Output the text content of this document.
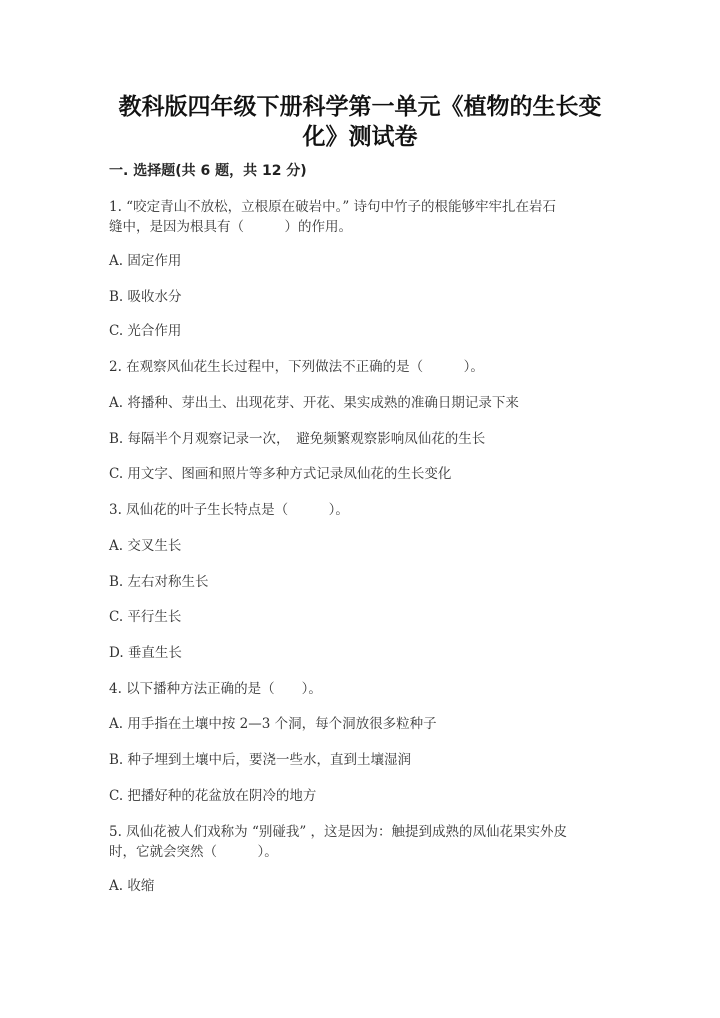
教科版四年级下册科学第一单元《植物的生长变
化》测试卷
一. 选择题(共 6 题，共 12 分)
1. “咬定青山不放松，立根原在破岩中。” 诗句中竹子的根能够牢牢扎在岩石
缝中，是因为根具有（　　　）的作用。
A. 固定作用
B. 吸收水分
C. 光合作用
2. 在观察风仙花生长过程中，下列做法不正确的是（　　　）。
A. 将播种、芽出土、出现花芽、开花、果实成熟的准确日期记录下来
B. 每隔半个月观察记录一次，　避免频繁观察影响凤仙花的生长
C. 用文字、图画和照片等多种方式记录凤仙花的生长变化
3. 凤仙花的叶子生长特点是（　　　）。
A. 交叉生长
B. 左右对称生长
C. 平行生长
D. 垂直生长
4. 以下播种方法正确的是（　　）。
A. 用手指在土壤中按 2—3 个洞，每个洞放很多粒种子
B. 种子埋到土壤中后，要浇一些水，直到土壤湿润
C. 把播好种的花盆放在阴冷的地方
5. 凤仙花被人们戏称为 “别碰我” ，这是因为：触提到成熟的凤仙花果实外皮
时，它就会突然（　　　）。
A. 收缩
